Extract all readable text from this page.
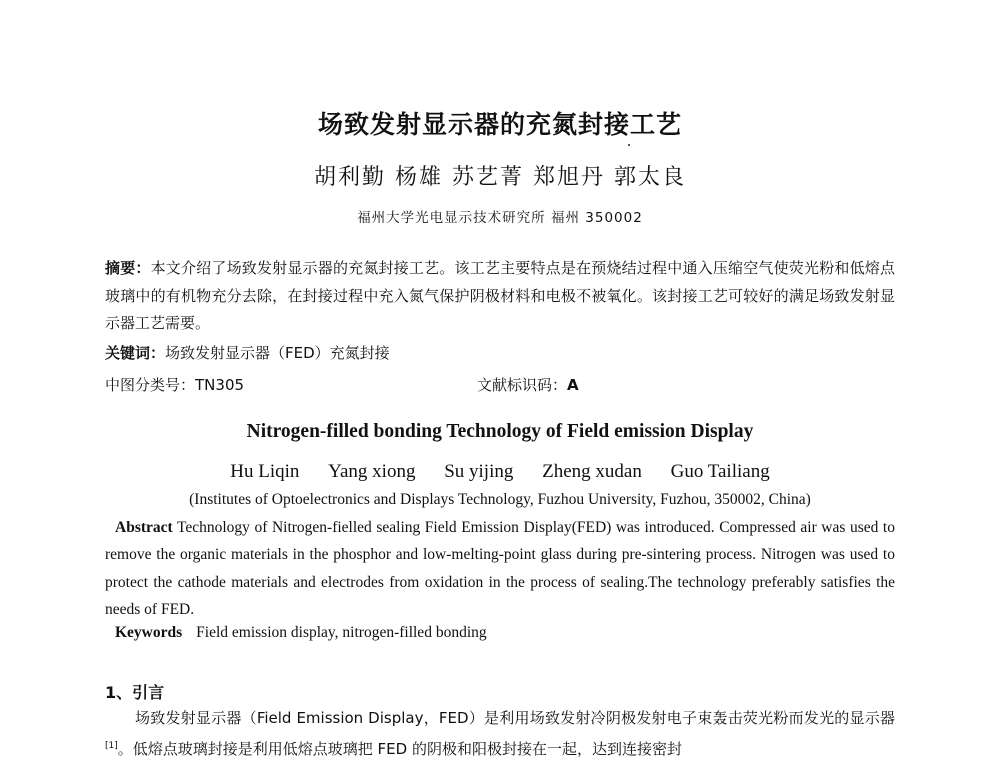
场致发射显示器的充氮封接工艺
胡利勤 杨雄 苏艺菁 郑旭丹 郭太良
福州大学光电显示技术研究所 福州 350002
摘要：本文介绍了场致发射显示器的充氮封接工艺。该工艺主要特点是在预烧结过程中通入压缩空气使荧光粉和低熔点玻璃中的有机物充分去除，在封接过程中充入氮气保护阴极材料和电极不被氧化。该封接工艺可较好的满足场致发射显示器工艺需要。
关键词：场致发射显示器（FED）充氮封接
中图分类号：TN305	文献标识码：A
Nitrogen-filled bonding Technology of Field emission Display
Hu Liqin Yang xiong Su yijing Zheng xudan Guo Tailiang
(Institutes of Optoelectronics and Displays Technology, Fuzhou University, Fuzhou, 350002, China)
Abstract Technology of Nitrogen-fielled sealing Field Emission Display(FED) was introduced. Compressed air was used to remove the organic materials in the phosphor and low-melting-point glass during pre-sintering process. Nitrogen was used to protect the cathode materials and electrodes from oxidation in the process of sealing.The technology preferably satisfies the needs of FED.
Keywords Field emission display, nitrogen-filled bonding
1、引言
场致发射显示器（Field Emission Display，FED）是利用场致发射冷阴极发射电子束轰击荧光粉而发光的显示器[1]。低熔点玻璃封接是利用低熔点玻璃把 FED 的阴极和阳极封接在一起，达到连接密封
